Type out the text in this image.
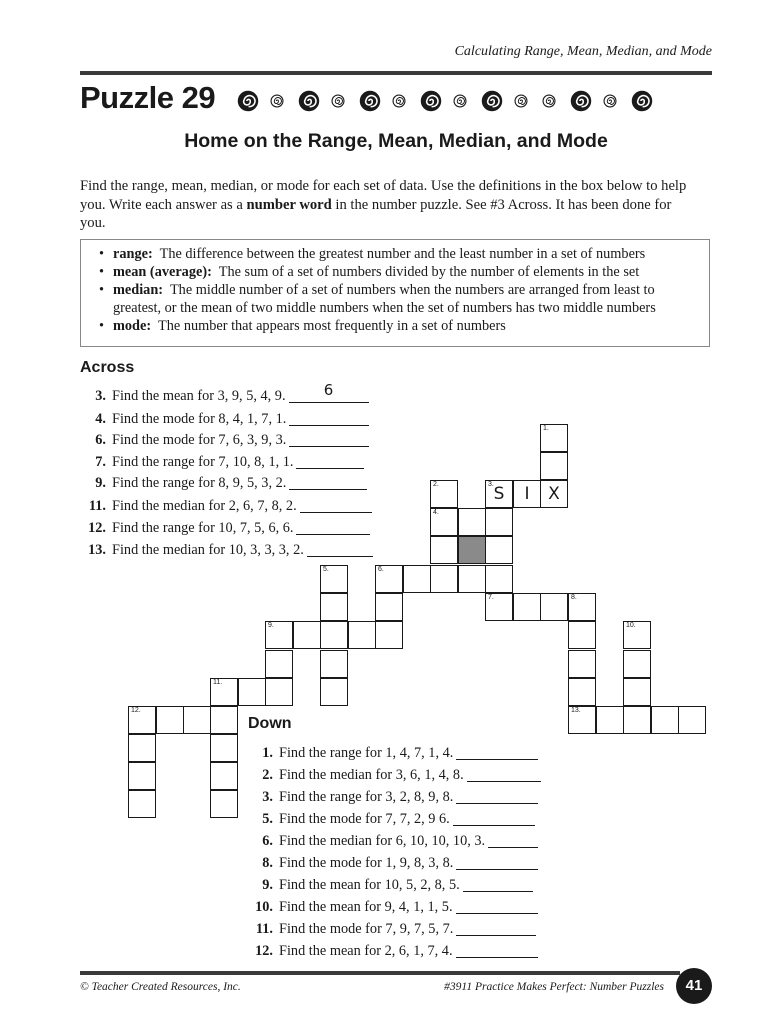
Calculating Range, Mean, Median, and Mode
Puzzle 29
Home on the Range, Mean, Median, and Mode
Find the range, mean, median, or mode for each set of data. Use the definitions in the box below to help you. Write each answer as a number word in the number puzzle. See #3 Across. It has been done for you.
• range: The difference between the greatest number and the least number in a set of numbers
• mean (average): The sum of a set of numbers divided by the number of elements in the set
• median: The middle number of a set of numbers when the numbers are arranged from least to greatest, or the mean of two middle numbers when the set of numbers has two middle numbers
• mode: The number that appears most frequently in a set of numbers
Across
3. Find the mean for 3, 9, 5, 4, 9.	6
4. Find the mode for 8, 4, 1, 7, 1.
6. Find the mode for 7, 6, 3, 9, 3.
7. Find the range for 7, 10, 8, 1, 1.
9. Find the range for 8, 9, 5, 3, 2.
11. Find the median for 2, 6, 7, 8, 2.
12. Find the range for 10, 7, 5, 6, 6.
13. Find the median for 10, 3, 3, 3, 2.
1.
2.	3. S	I	X
4.
5.	6.
7.	8.
9.	10.
11.
12.	13.
Down
1. Find the range for 1, 4, 7, 1, 4.
2. Find the median for 3, 6, 1, 4, 8.
3. Find the range for 3, 2, 8, 9, 8.
5. Find the mode for 7, 7, 2, 9 6.
6. Find the median for 6, 10, 10, 10, 3.
8. Find the mode for 1, 9, 8, 3, 8.
9. Find the mean for 10, 5, 2, 8, 5.
10. Find the mean for 9, 4, 1, 1, 5.
11. Find the mode for 7, 9, 7, 5, 7.
12. Find the mean for 2, 6, 1, 7, 4.
© Teacher Created Resources, Inc.	#3911 Practice Makes Perfect: Number Puzzles	41
